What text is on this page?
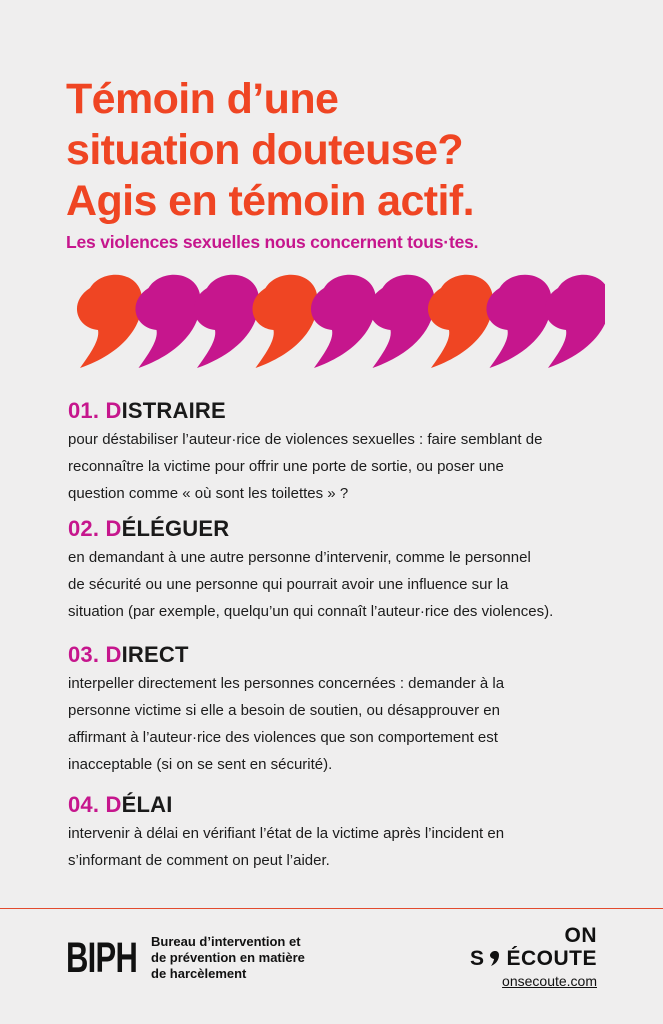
Témoin d’une
situation douteuse?
Agis en témoin actif.

Les violences sexuelles nous concernent tous·tes.

01. DISTRAIRE

pour déstabiliser l’auteur·rice de violences sexuelles : faire semblant de
reconnaître la victime pour offrir une porte de sortie, ou poser une
question comme « où sont les toilettes » ?

02. DÉLÉGUER

en demandant à une autre personne d’intervenir, comme le personnel
de sécurité ou une personne qui pourrait avoir une influence sur la
situation (par exemple, quelqu’un qui connaît l’auteur·rice des violences).

03. DIRECT

interpeller directement les personnes concernées : demander à la
personne victime si elle a besoin de soutien, ou désapprouver en
affirmant à l’auteur·rice des violences que son comportement est
inacceptable (si on se sent en sécurité).

04. DÉLAI

intervenir à délai en vérifiant l’état de la victime après l’incident en
s’informant de comment on peut l’aider.

BIPH Bureau d’intervention et
de prévention en matière
de harcèlement
ON
S ÉCOUTE
onsecoute.com
